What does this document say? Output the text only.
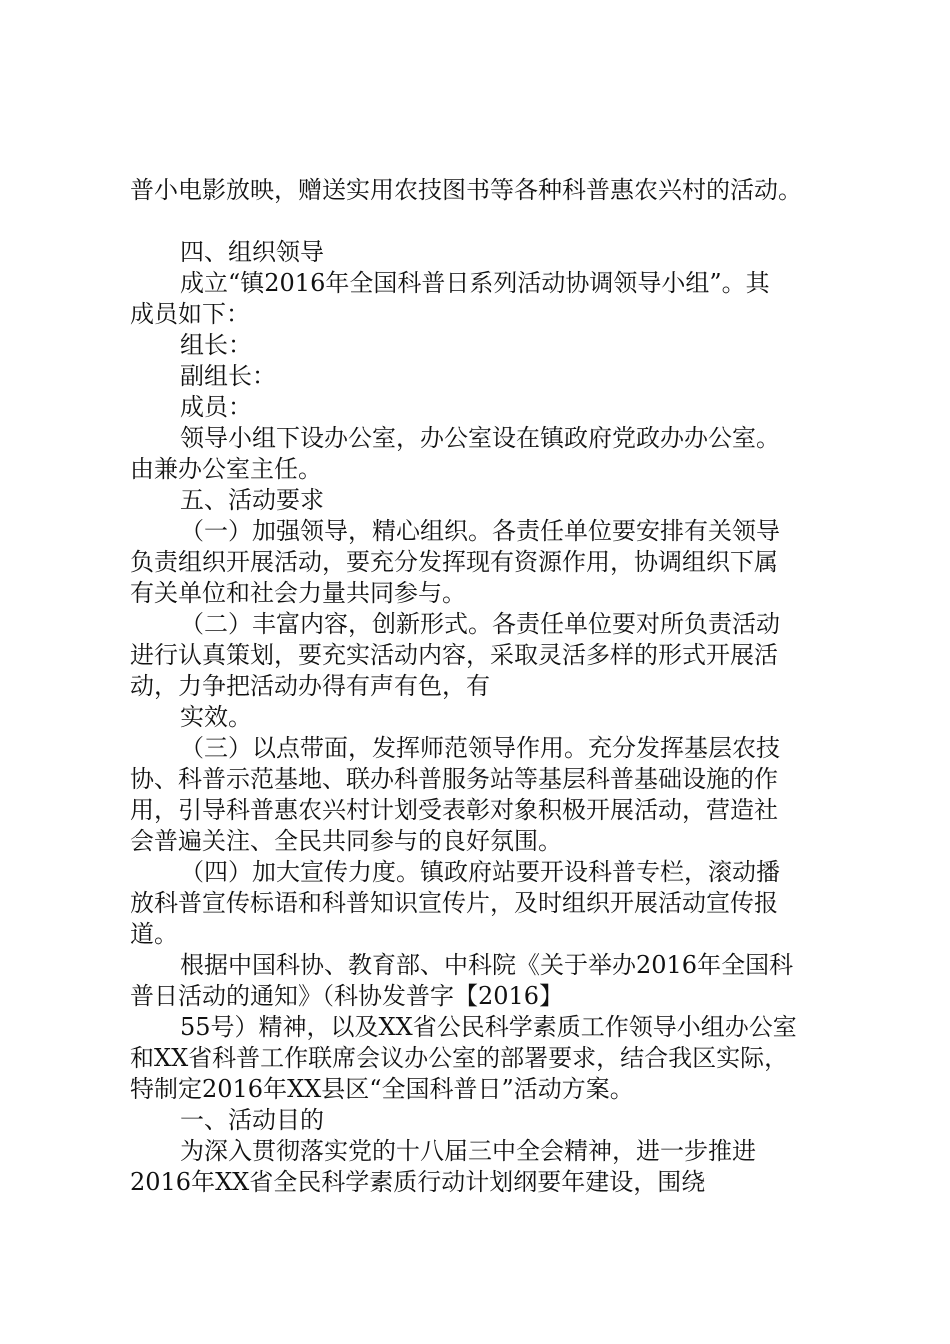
普小电影放映，赠送实用农技图书等各种科普惠农兴村的活动。
四、组织领导
成立“镇2016年全国科普日系列活动协调领导小组”。其
成员如下：
组长：
副组长：
成员：
领导小组下设办公室，办公室设在镇政府党政办办公室。
由兼办公室主任。
五、活动要求
（一）加强领导，精心组织。各责任单位要安排有关领导
负责组织开展活动，要充分发挥现有资源作用，协调组织下属
有关单位和社会力量共同参与。
（二）丰富内容，创新形式。各责任单位要对所负责活动
进行认真策划，要充实活动内容，采取灵活多样的形式开展活
动，力争把活动办得有声有色，有
实效。
（三）以点带面，发挥师范领导作用。充分发挥基层农技
协、科普示范基地、联办科普服务站等基层科普基础设施的作
用，引导科普惠农兴村计划受表彰对象积极开展活动，营造社
会普遍关注、全民共同参与的良好氛围。
（四）加大宣传力度。镇政府站要开设科普专栏，滚动播
放科普宣传标语和科普知识宣传片，及时组织开展活动宣传报
道。
根据中国科协、教育部、中科院《关于举办2016年全国科
普日活动的通知》（科协发普字【2016】
55号）精神，以及XX省公民科学素质工作领导小组办公室
和XX省科普工作联席会议办公室的部署要求，结合我区实际，
特制定2016年XX县区“全国科普日”活动方案。
一、活动目的
为深入贯彻落实党的十八届三中全会精神，进一步推进
2016年XX省全民科学素质行动计划纲要年建设，围绕
